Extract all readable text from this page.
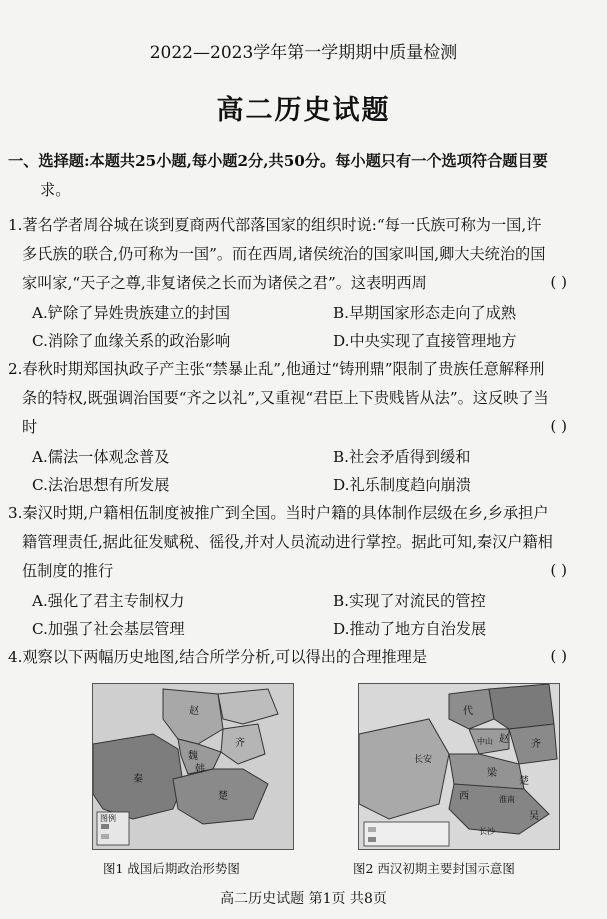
2022—2023学年第一学期期中质量检测
高二历史试题
一、选择题:本题共25小题,每小题2分,共50分。每小题只有一个选项符合题目要
求。
1.著名学者周谷城在谈到夏商两代部落国家的组织时说:“每一氏族可称为一国,许
多氏族的联合,仍可称为一国”。而在西周,诸侯统治的国家叫国,卿大夫统治的国
家叫家,“天子之尊,非复诸侯之长而为诸侯之君”。这表明西周	( )
A.铲除了异姓贵族建立的封国	B.早期国家形态走向了成熟
C.消除了血缘关系的政治影响	D.中央实现了直接管理地方
2.春秋时期郑国执政子产主张“禁暴止乱”,他通过“铸刑鼎”限制了贵族任意解释刑
条的特权,既强调治国要“齐之以礼”,又重视“君臣上下贵贱皆从法”。这反映了当
时	( )
A.儒法一体观念普及	B.社会矛盾得到缓和
C.法治思想有所发展	D.礼乐制度趋向崩溃
3.秦汉时期,户籍相伍制度被推广到全国。当时户籍的具体制作层级在乡,乡承担户
籍管理责任,据此征发赋税、徭役,并对人员流动进行掌控。据此可知,秦汉户籍相
伍制度的推行	( )
A.强化了君主专制权力	B.实现了对流民的管控
C.加强了社会基层管理	D.推动了地方自治发展
4.观察以下两幅历史地图,结合所学分析,可以得出的合理推理是	( )
赵
齐
魏
韩
秦
楚
图例
图1 战国后期政治形势图
代
中山 赵 齐
长安
梁
淮南
楚
西
吴
长沙
图2 西汉初期主要封国示意图
高二历史试题 第1页 共8页
